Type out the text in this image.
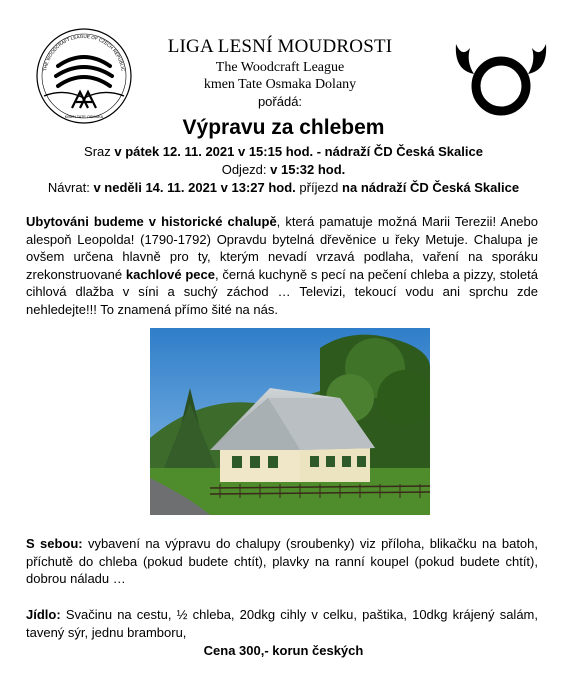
THE WOODCRAFT LEAGUE OF CZECH REPUBLIC
KMEN TATE OSMAKA
LIGA LESNÍ MOUDROSTI
The Woodcraft League
kmen Tate Osmaka Dolany
pořádá:
Výpravu za chlebem
Sraz v pátek 12. 11. 2021 v 15:15 hod. - nádraží ČD Česká Skalice
Odjezd: v 15:32 hod.
Návrat: v neděli 14. 11. 2021 v 13:27 hod. příjezd na nádraží ČD Česká Skalice
Ubytováni budeme v historické chalupě, která pamatuje možná Marii Terezii! Anebo alespoň Leopolda! (1790-1792) Opravdu bytelná dřevěnice u řeky Metuje. Chalupa je ovšem určena hlavně pro ty, kterým nevadí vrzavá podlaha, vaření na sporáku zrekonstruované kachlové pece, černá kuchyně s pecí na pečení chleba a pizzy, stoletá cihlová dlažba v síni a suchý záchod … Televizi, tekoucí vodu ani sprchu zde nehledejte!!! To znamená přímo šité na nás.
S sebou: vybavení na výpravu do chalupy (sroubenky) viz příloha, blikačku na batoh, příchutě do chleba (pokud budete chtít), plavky na ranní koupel (pokud budete chtít), dobrou náladu …
Jídlo: Svačinu na cestu, ½ chleba, 20dkg cihly v celku, paštika, 10dkg krájený salám, tavený sýr, jednu bramboru,
Cena 300,- korun českých
